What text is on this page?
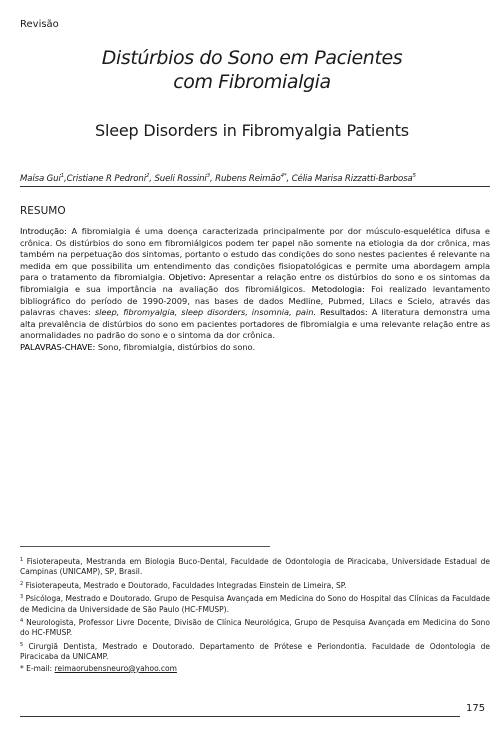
Revisão
Distúrbios do Sono em Pacientes
com Fibromialgia
Sleep Disorders in Fibromyalgia Patients
Maísa Gui$^1$,Cristiane R Pedroni$^2$, Sueli Rossini$^3$, Rubens Reimão$^{4*}$, Célia Marisa Rizzatti-Barbosa$^5$
RESUMO
Introdução: A fibromialgia é uma doença caracterizada principalmente por dor músculo-esquelética difusa e crônica. Os distúrbios do sono em fibromiálgicos podem ter papel não somente na etiologia da dor crônica, mas também na perpetuação dos sintomas, portanto o estudo das condições do sono nestes pacientes é relevante na medida em que possibilita um entendimento das condições fisiopatológicas e permite uma abordagem ampla para o tratamento da fibromialgia. Objetivo: Apresentar a relação entre os distúrbios do sono e os sintomas da fibromialgia e sua importância na avaliação dos fibromiálgicos. Metodologia: Foi realizado levantamento bibliográfico do período de 1990-2009, nas bases de dados Medline, Pubmed, Lilacs e Scielo, através das palavras chaves: sleep, fibromyalgia, sleep disorders, insomnia, pain. Resultados: A literatura demonstra uma alta prevalência de distúrbios do sono em pacientes portadores de fibromialgia e uma relevante relação entre as anormalidades no padrão do sono e o sintoma da dor crônica.
PALAVRAS-CHAVE: Sono, fibromialgia, distúrbios do sono.

$^1$ Fisioterapeuta, Mestranda em Biologia Buco-Dental, Faculdade de Odontologia de Piracicaba, Universidade Estadual de Campinas (UNICAMP), SP, Brasil.

$^2$ Fisioterapeuta, Mestrado e Doutorado, Faculdades Integradas Einstein de Limeira, SP.

$^3$ Psicóloga, Mestrado e Doutorado. Grupo de Pesquisa Avançada em Medicina do Sono do Hospital das Clínicas da Faculdade de Medicina da Universidade de São Paulo (HC-FMUSP).

$^4$ Neurologista, Professor Livre Docente, Divisão de Clínica Neurológica, Grupo de Pesquisa Avançada em Medicina do Sono do HC-FMUSP.

$^5$ Cirurgiã Dentista, Mestrado e Doutorado. Departamento de Prótese e Periondontia. Faculdade de Odontologia de Piracicaba da UNICAMP.

* E-mail: reimaorubensneuro@yahoo.com

175
